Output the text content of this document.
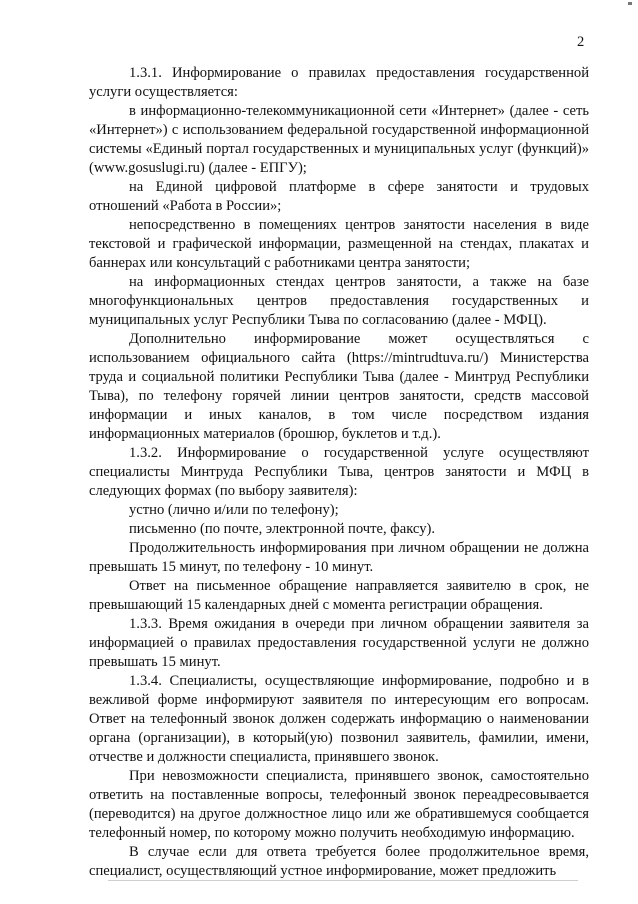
2

1.3.1. Информирование о правилах предоставления государственной услуги осуществляется:

в информационно-телекоммуникационной сети «Интернет» (далее - сеть «Интернет») с использованием федеральной государственной информационной системы «Единый портал государственных и муниципальных услуг (функций)» (www.gosuslugi.ru) (далее - ЕПГУ);

на Единой цифровой платформе в сфере занятости и трудовых отношений «Работа в России»;

непосредственно в помещениях центров занятости населения в виде текстовой и графической информации, размещенной на стендах, плакатах и баннерах или консультаций с работниками центра занятости;

на информационных стендах центров занятости, а также на базе многофункциональных центров предоставления государственных и муниципальных услуг Республики Тыва по согласованию (далее - МФЦ).

Дополнительно информирование может осуществляться с использованием официального сайта (https://mintrudtuva.ru/) Министерства труда и социальной политики Республики Тыва (далее - Минтруд Республики Тыва), по телефону горячей линии центров занятости, средств массовой информации и иных каналов, в том числе посредством издания информационных материалов (брошюр, буклетов и т.д.).

1.3.2. Информирование о государственной услуге осуществляют специалисты Минтруда Республики Тыва, центров занятости и МФЦ в следующих формах (по выбору заявителя):

устно (лично и/или по телефону);

письменно (по почте, электронной почте, факсу).

Продолжительность информирования при личном обращении не должна превышать 15 минут, по телефону - 10 минут.

Ответ на письменное обращение направляется заявителю в срок, не превышающий 15 календарных дней с момента регистрации обращения.

1.3.3. Время ожидания в очереди при личном обращении заявителя за информацией о правилах предоставления государственной услуги не должно превышать 15 минут.

1.3.4. Специалисты, осуществляющие информирование, подробно и в вежливой форме информируют заявителя по интересующим его вопросам. Ответ на телефонный звонок должен содержать информацию о наименовании органа (организации), в который(ую) позвонил заявитель, фамилии, имени, отчестве и должности специалиста, принявшего звонок.

При невозможности специалиста, принявшего звонок, самостоятельно ответить на поставленные вопросы, телефонный звонок переадресовывается (переводится) на другое должностное лицо или же обратившемуся сообщается телефонный номер, по которому можно получить необходимую информацию.

В случае если для ответа требуется более продолжительное время, специалист, осуществляющий устное информирование, может предложить
